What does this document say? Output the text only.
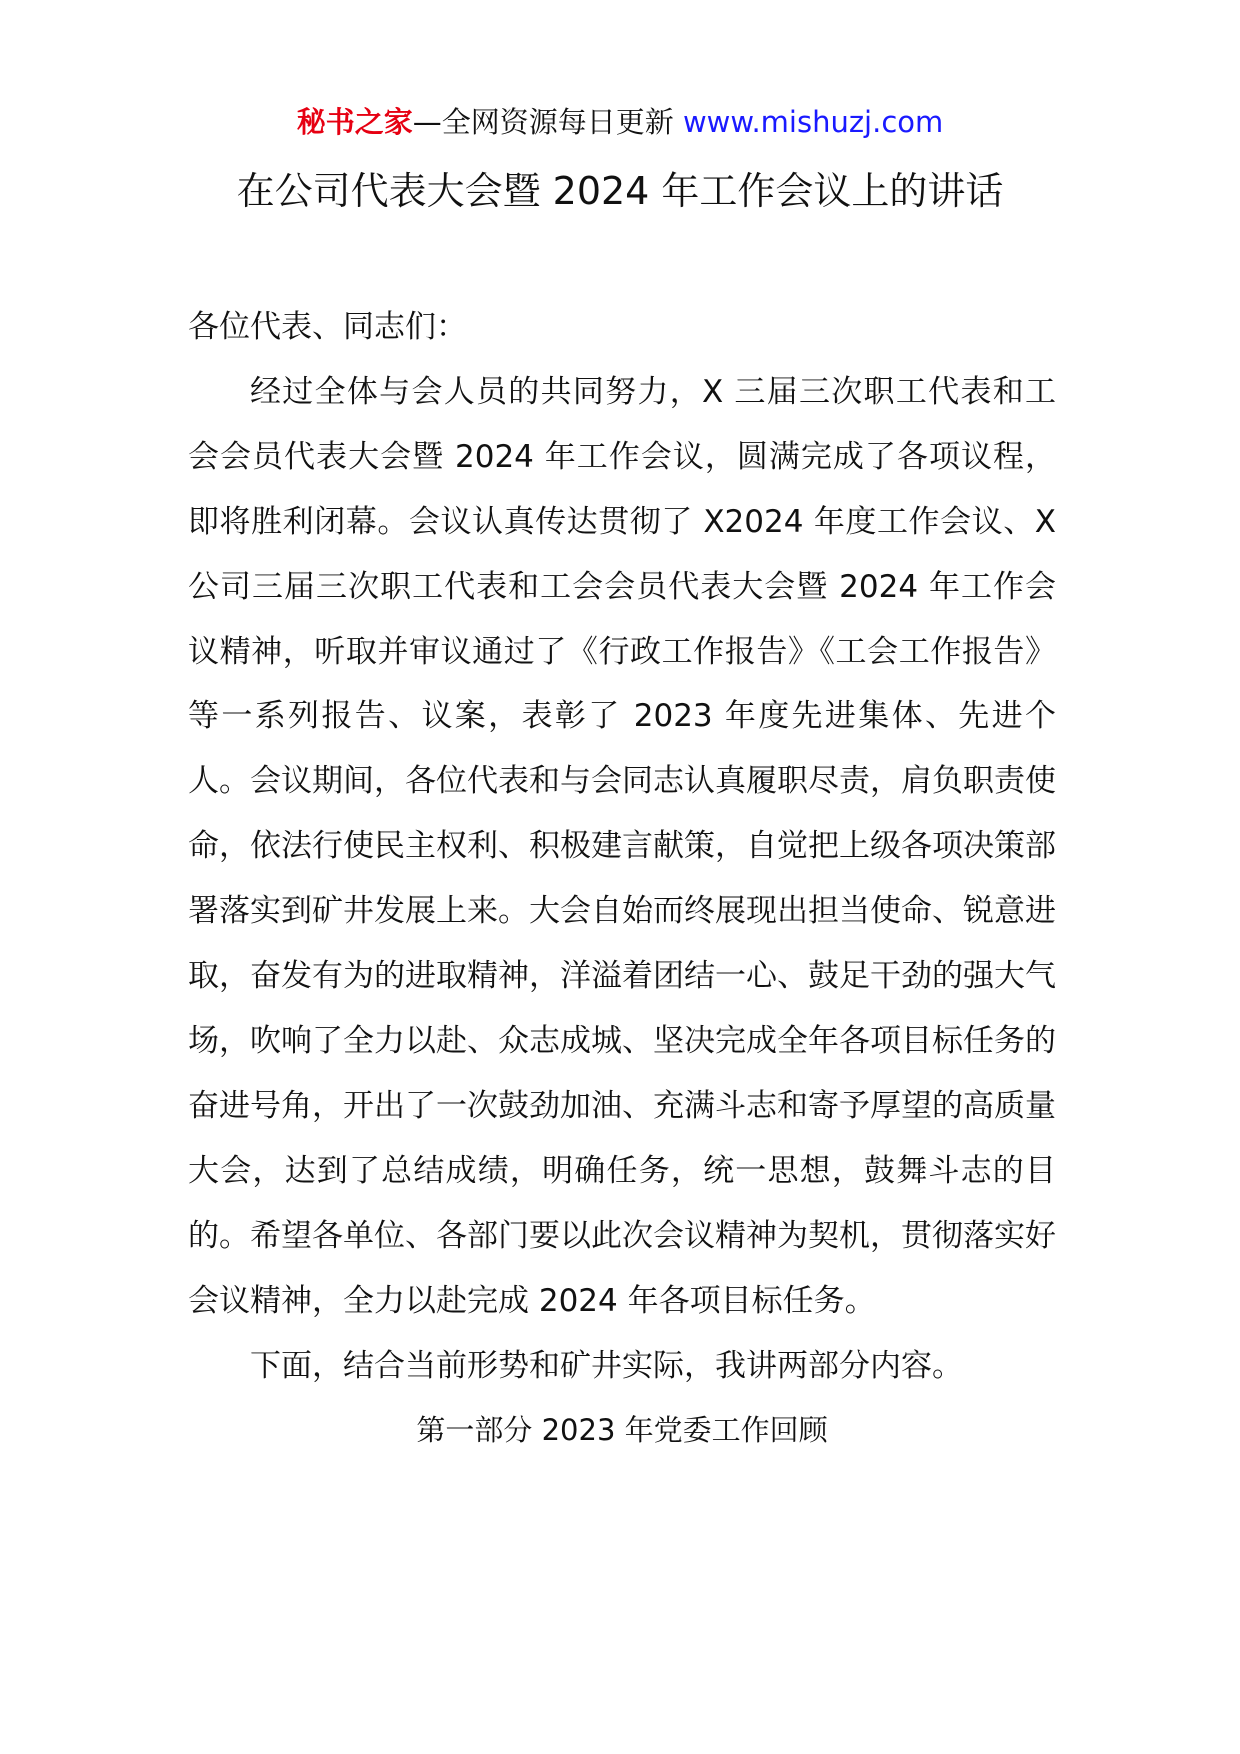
秘书之家—全网资源每日更新 www.mishuzj.com
在公司代表大会暨 2024 年工作会议上的讲话

各位代表、同志们：

经过全体与会人员的共同努力，X 三届三次职工代表和工会会员代表大会暨 2024 年工作会议，圆满完成了各项议程，即将胜利闭幕。会议认真传达贯彻了 X2024 年度工作会议、X 公司三届三次职工代表和工会会员代表大会暨 2024 年工作会议精神，听取并审议通过了《行政工作报告》《工会工作报告》等一系列报告、议案，表彰了 2023 年度先进集体、先进个人。会议期间，各位代表和与会同志认真履职尽责，肩负职责使命，依法行使民主权利、积极建言献策，自觉把上级各项决策部署落实到矿井发展上来。大会自始而终展现出担当使命、锐意进取，奋发有为的进取精神，洋溢着团结一心、鼓足干劲的强大气场，吹响了全力以赴、众志成城、坚决完成全年各项目标任务的奋进号角，开出了一次鼓劲加油、充满斗志和寄予厚望的高质量大会，达到了总结成绩，明确任务，统一思想，鼓舞斗志的目的。希望各单位、各部门要以此次会议精神为契机，贯彻落实好会议精神，全力以赴完成 2024 年各项目标任务。

下面，结合当前形势和矿井实际，我讲两部分内容。

第一部分 2023 年党委工作回顾
